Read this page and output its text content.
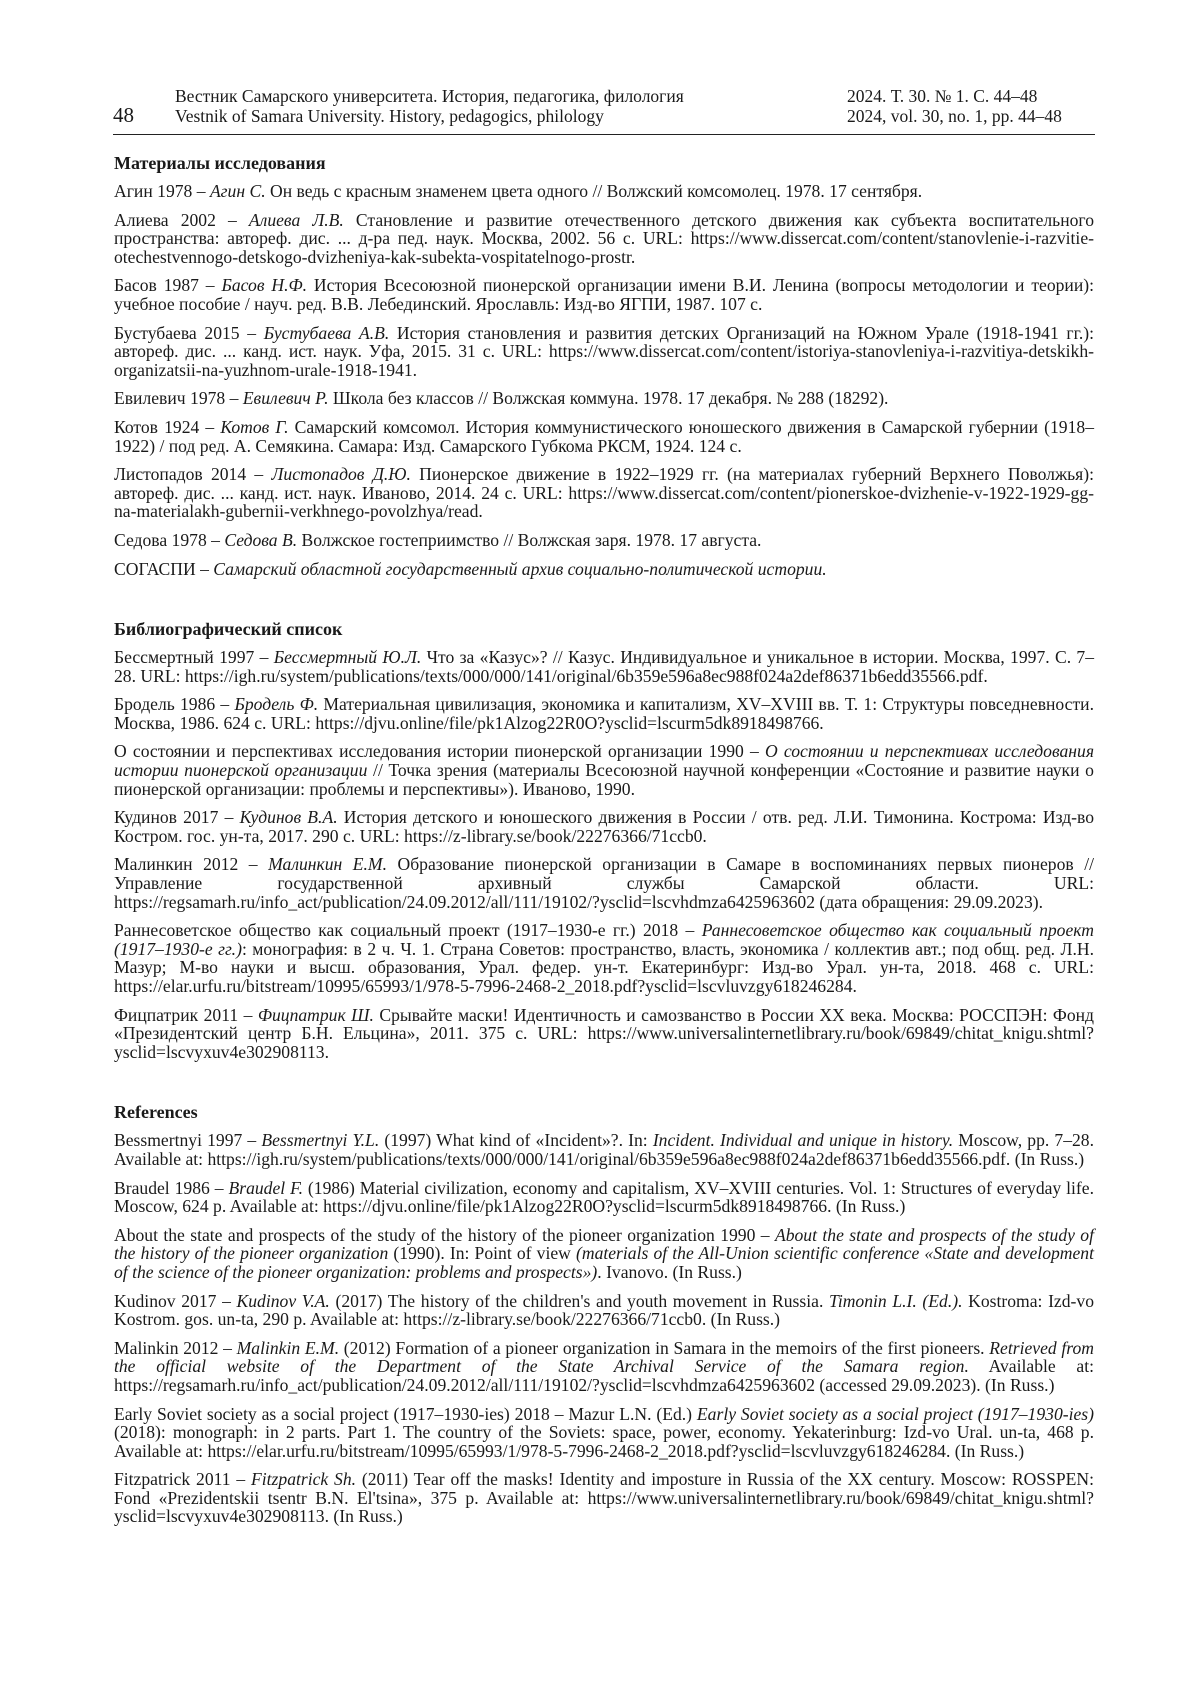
48
Вестник Самарского университета. История, педагогика, филология
Vestnik of Samara University. History, pedagogics, philology
2024. Т. 30. № 1. С. 44–48
2024, vol. 30, no. 1, pp. 44–48
Материалы исследования
Агин 1978 – Агин С. Он ведь с красным знаменем цвета одного // Волжский комсомолец. 1978. 17 сентября.
Алиева 2002 – Алиева Л.В. Становление и развитие отечественного детского движения как субъекта воспитательного пространства: автореф. дис. ... д-ра пед. наук. Москва, 2002. 56 с. URL: https://www.dissercat.com/content/stanovlenie-i-razvitie-otechestvennogo-detskogo-dvizheniya-kak-subekta-vospitatelnogo-prostr.
Басов 1987 – Басов Н.Ф. История Всесоюзной пионерской организации имени В.И. Ленина (вопросы методологии и теории): учебное пособие / науч. ред. В.В. Лебединский. Ярославль: Изд-во ЯГПИ, 1987. 107 с.
Бустубаева 2015 – Бустубаева А.В. История становления и развития детских Организаций на Южном Урале (1918-1941 гг.): автореф. дис. ... канд. ист. наук. Уфа, 2015. 31 с. URL: https://www.dissercat.com/content/istoriya-stanovleniya-i-razvitiya-detskikh-organizatsii-na-yuzhnom-urale-1918-1941.
Евилевич 1978 – Евилевич Р. Школа без классов // Волжская коммуна. 1978. 17 декабря. № 288 (18292).
Котов 1924 – Котов Г. Самарский комсомол. История коммунистического юношеского движения в Самарской губернии (1918–1922) / под ред. А. Семякина. Самара: Изд. Самарского Губкома РКСМ, 1924. 124 с.
Листопадов 2014 – Листопадов Д.Ю. Пионерское движение в 1922–1929 гг. (на материалах губерний Верхнего Поволжья): автореф. дис. ... канд. ист. наук. Иваново, 2014. 24 с. URL: https://www.dissercat.com/content/pionerskoe-dvizhenie-v-1922-1929-gg-na-materialakh-gubernii-verkhnego-povolzhya/read.
Седова 1978 – Седова В. Волжское гостеприимство // Волжская заря. 1978. 17 августа.
СОГАСПИ – Самарский областной государственный архив социально-политической истории.
Библиографический список
Бессмертный 1997 – Бессмертный Ю.Л. Что за «Казус»? // Казус. Индивидуальное и уникальное в истории. Москва, 1997. С. 7–28. URL: https://igh.ru/system/publications/texts/000/000/141/original/6b359e596a8ec988f024a2def86371b6edd35566.pdf.
Бродель 1986 – Бродель Ф. Материальная цивилизация, экономика и капитализм, XV–XVIII вв. Т. 1: Структуры повседневности. Москва, 1986. 624 с. URL: https://djvu.online/file/pk1Alzog22R0O?ysclid=lscurm5dk8918498766.
О состоянии и перспективах исследования истории пионерской организации 1990 – О состоянии и перспективах исследования истории пионерской организации // Точка зрения (материалы Всесоюзной научной конференции «Состояние и развитие науки о пионерской организации: проблемы и перспективы»). Иваново, 1990.
Кудинов 2017 – Кудинов В.А. История детского и юношеского движения в России / отв. ред. Л.И. Тимонина. Кострома: Изд-во Костром. гос. ун-та, 2017. 290 с. URL: https://z-library.se/book/22276366/71ccb0.
Малинкин 2012 – Малинкин Е.М. Образование пионерской организации в Самаре в воспоминаниях первых пионеров // Управление государственной архивный службы Самарской области. URL: https://regsamarh.ru/info_act/publication/24.09.2012/all/111/19102/?ysclid=lscvhdmza6425963602 (дата обращения: 29.09.2023).
Раннесоветское общество как социальный проект (1917–1930-е гг.) 2018 – Раннесоветское общество как социальный проект (1917–1930-е гг.): монография: в 2 ч. Ч. 1. Страна Советов: пространство, власть, экономика / коллектив авт.; под общ. ред. Л.Н. Мазур; М-во науки и высш. образования, Урал. федер. ун-т. Екатеринбург: Изд-во Урал. ун-та, 2018. 468 с. URL: https://elar.urfu.ru/bitstream/10995/65993/1/978-5-7996-2468-2_2018.pdf?ysclid=lscvluvzgy618246284.
Фицпатрик 2011 – Фицпатрик Ш. Срывайте маски! Идентичность и самозванство в России XX века. Москва: РОССПЭН: Фонд «Президентский центр Б.Н. Ельцина», 2011. 375 с. URL: https://www.universalinternetlibrary.ru/book/69849/chitat_knigu.shtml?ysclid=lscvyxuv4e302908113.
References
Bessmertnyi 1997 – Bessmertnyi Y.L. (1997) What kind of «Incident»?. In: Incident. Individual and unique in history. Moscow, pp. 7–28. Available at: https://igh.ru/system/publications/texts/000/000/141/original/6b359e596a8ec988f024a2def86371b6edd35566.pdf. (In Russ.)
Braudel 1986 – Braudel F. (1986) Material civilization, economy and capitalism, XV–XVIII centuries. Vol. 1: Structures of everyday life. Moscow, 624 p. Available at: https://djvu.online/file/pk1Alzog22R0O?ysclid=lscurm5dk8918498766. (In Russ.)
About the state and prospects of the study of the history of the pioneer organization 1990 – About the state and prospects of the study of the history of the pioneer organization (1990). In: Point of view (materials of the All-Union scientific conference «State and development of the science of the pioneer organization: problems and prospects»). Ivanovo. (In Russ.)
Kudinov 2017 – Kudinov V.A. (2017) The history of the children's and youth movement in Russia. Timonin L.I. (Ed.). Kostroma: Izd-vo Kostrom. gos. un-ta, 290 p. Available at: https://z-library.se/book/22276366/71ccb0. (In Russ.)
Malinkin 2012 – Malinkin E.M. (2012) Formation of a pioneer organization in Samara in the memoirs of the first pioneers. Retrieved from the official website of the Department of the State Archival Service of the Samara region. Available at: https://regsamarh.ru/info_act/publication/24.09.2012/all/111/19102/?ysclid=lscvhdmza6425963602 (accessed 29.09.2023). (In Russ.)
Early Soviet society as a social project (1917–1930-ies) 2018 – Mazur L.N. (Ed.) Early Soviet society as a social project (1917–1930-ies) (2018): monograph: in 2 parts. Part 1. The country of the Soviets: space, power, economy. Yekaterinburg: Izd-vo Ural. un-ta, 468 p. Available at: https://elar.urfu.ru/bitstream/10995/65993/1/978-5-7996-2468-2_2018.pdf?ysclid=lscvluvzgy618246284. (In Russ.)
Fitzpatrick 2011 – Fitzpatrick Sh. (2011) Tear off the masks! Identity and imposture in Russia of the XX century. Moscow: ROSSPEN: Fond «Prezidentskii tsentr B.N. El'tsina», 375 p. Available at: https://www.universalinternetlibrary.ru/book/69849/chitat_knigu.shtml?ysclid=lscvyxuv4e302908113. (In Russ.)
